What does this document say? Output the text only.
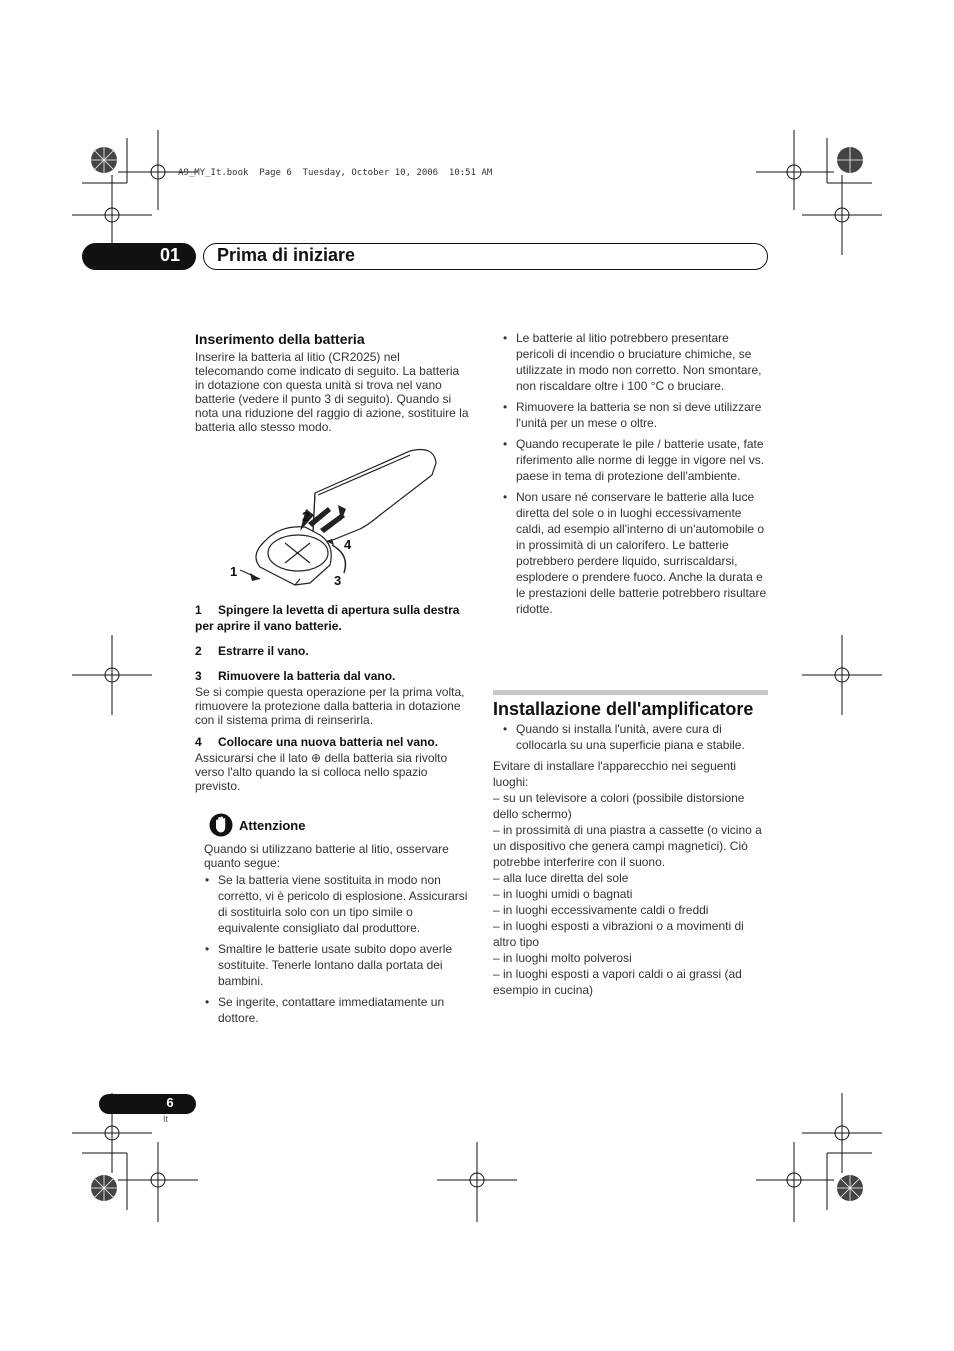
A9_MY_It.book  Page 6  Tuesday, October 10, 2006  10:51 AM
01	Prima di iniziare
Inserimento della batteria
Inserire la batteria al litio (CR2025) nel telecomando come indicato di seguito. La batteria in dotazione con questa unità si trova nel vano batterie (vedere il punto 3 di seguito). Quando si nota una riduzione del raggio di azione, sostituire la batteria allo stesso modo.
2
4
1
3
1 Spingere la levetta di apertura sulla destra per aprire il vano batterie.
2 Estrarre il vano.
3 Rimuovere la batteria dal vano.
Se si compie questa operazione per la prima volta, rimuovere la protezione dalla batteria in dotazione con il sistema prima di reinserirla.
4 Collocare una nuova batteria nel vano.
Assicurarsi che il lato ⊕ della batteria sia rivolto verso l'alto quando la si colloca nello spazio previsto.
Attenzione
Quando si utilizzano batterie al litio, osservare quanto segue:
• Se la batteria viene sostituita in modo non corretto, vi è pericolo di esplosione. Assicurarsi di sostituirla solo con un tipo simile o equivalente consigliato dal produttore.
• Smaltire le batterie usate subito dopo averle sostituite. Tenerle lontano dalla portata dei bambini.
• Se ingerite, contattare immediatamente un dottore.
• Le batterie al litio potrebbero presentare pericoli di incendio o bruciature chimiche, se utilizzate in modo non corretto. Non smontare, non riscaldare oltre i 100 °C o bruciare.
• Rimuovere la batteria se non si deve utilizzare l'unità per un mese o oltre.
• Quando recuperate le pile / batterie usate, fate riferimento alle norme di legge in vigore nel vs. paese in tema di protezione dell'ambiente.
• Non usare né conservare le batterie alla luce diretta del sole o in luoghi eccessivamente caldi, ad esempio all'interno di un'automobile o in prossimità di un calorifero. Le batterie potrebbero perdere liquido, surriscaldarsi, esplodere o prendere fuoco. Anche la durata e le prestazioni delle batterie potrebbero risultare ridotte.
Installazione dell'amplificatore
• Quando si installa l'unità, avere cura di collocarla su una superficie piana e stabile.
Evitare di installare l'apparecchio nei seguenti luoghi:
– su un televisore a colori (possibile distorsione dello schermo)
– in prossimità di una piastra a cassette (o vicino a un dispositivo che genera campi magnetici). Ciò potrebbe interferire con il suono.
– alla luce diretta del sole
– in luoghi umidi o bagnati
– in luoghi eccessivamente caldi o freddi
– in luoghi esposti a vibrazioni o a movimenti di altro tipo
– in luoghi molto polverosi
– in luoghi esposti a vapori caldi o ai grassi (ad esempio in cucina)
6
It
